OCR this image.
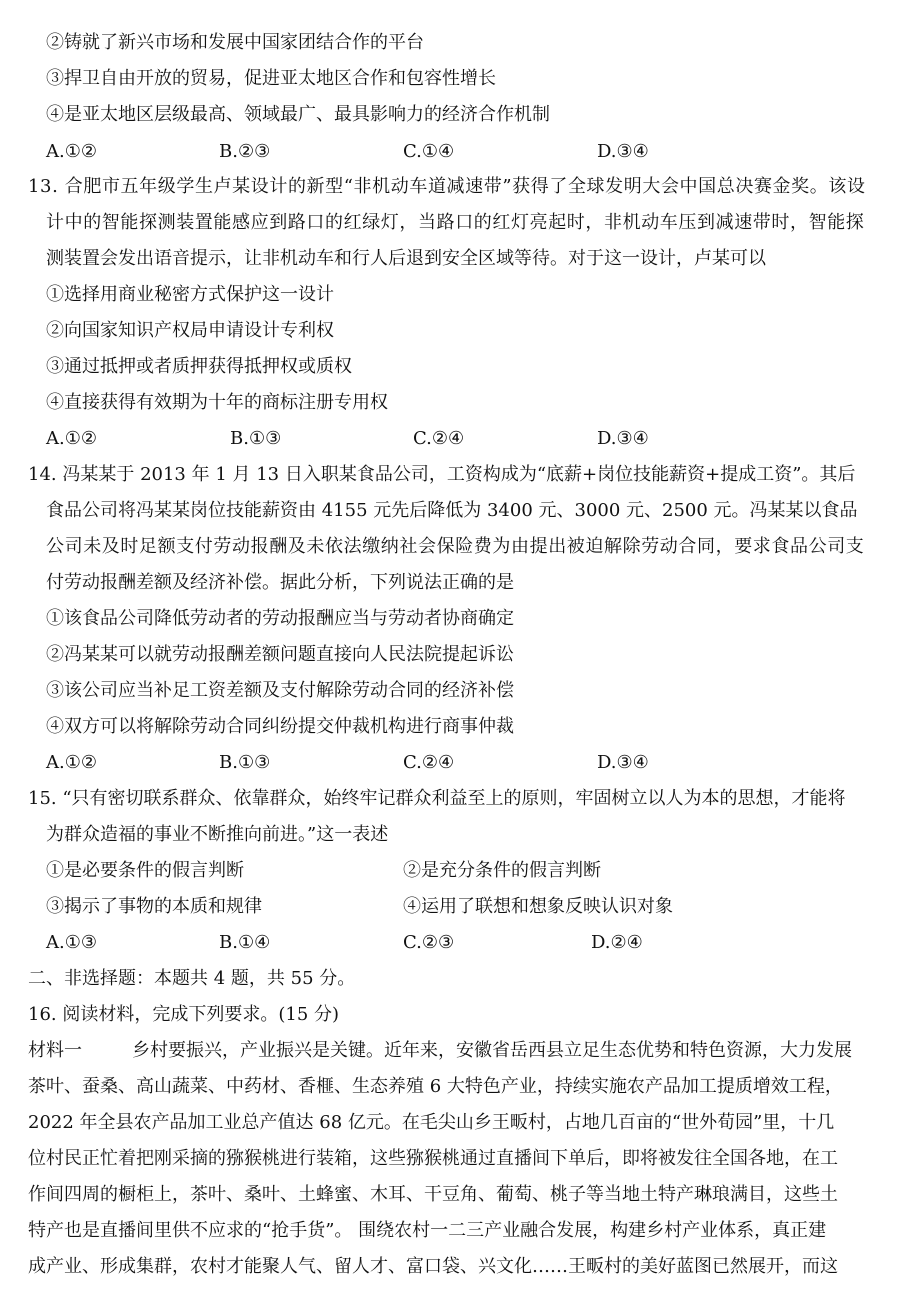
②铸就了新兴市场和发展中国家团结合作的平台
③捍卫自由开放的贸易，促进亚太地区合作和包容性增长
④是亚太地区层级最高、领域最广、最具影响力的经济合作机制
A.①②	B.②③	C.①④	D.③④
13. 合肥市五年级学生卢某设计的新型“非机动车道减速带”获得了全球发明大会中国总决赛金奖。该设
计中的智能探测装置能感应到路口的红绿灯，当路口的红灯亮起时，非机动车压到减速带时，智能探
测装置会发出语音提示，让非机动车和行人后退到安全区域等待。对于这一设计，卢某可以
①选择用商业秘密方式保护这一设计
②向国家知识产权局申请设计专利权
③通过抵押或者质押获得抵押权或质权
④直接获得有效期为十年的商标注册专用权
A.①②	B.①③	C.②④	D.③④
14. 冯某某于 2013 年 1 月 13 日入职某食品公司，工资构成为“底薪+岗位技能薪资+提成工资”。其后
食品公司将冯某某岗位技能薪资由 4155 元先后降低为 3400 元、3000 元、2500 元。冯某某以食品
公司未及时足额支付劳动报酬及未依法缴纳社会保险费为由提出被迫解除劳动合同，要求食品公司支
付劳动报酬差额及经济补偿。据此分析，下列说法正确的是
①该食品公司降低劳动者的劳动报酬应当与劳动者协商确定
②冯某某可以就劳动报酬差额问题直接向人民法院提起诉讼
③该公司应当补足工资差额及支付解除劳动合同的经济补偿
④双方可以将解除劳动合同纠纷提交仲裁机构进行商事仲裁
A.①②	B.①③	C.②④	D.③④
15. “只有密切联系群众、依靠群众，始终牢记群众利益至上的原则，牢固树立以人为本的思想，才能将
为群众造福的事业不断推向前进。”这一表述
①是必要条件的假言判断	②是充分条件的假言判断
③揭示了事物的本质和规律	④运用了联想和想象反映认识对象
A.①③	B.①④	C.②③	D.②④
二、非选择题：本题共 4 题，共 55 分。
16. 阅读材料，完成下列要求。(15 分)
材料一	乡村要振兴，产业振兴是关键。近年来，安徽省岳西县立足生态优势和特色资源，大力发展
茶叶、蚕桑、高山蔬菜、中药材、香榧、生态养殖 6 大特色产业，持续实施农产品加工提质增效工程，
2022 年全县农产品加工业总产值达 68 亿元。在毛尖山乡王畈村，占地几百亩的“世外荀园”里，十几
位村民正忙着把刚采摘的猕猴桃进行装箱，这些猕猴桃通过直播间下单后，即将被发往全国各地，在工
作间四周的橱柜上，茶叶、桑叶、土蜂蜜、木耳、干豆角、葡萄、桃子等当地土特产琳琅满目，这些土
特产也是直播间里供不应求的“抢手货”。 围绕农村一二三产业融合发展，构建乡村产业体系，真正建
成产业、形成集群，农村才能聚人气、留人才、富口袋、兴文化……王畈村的美好蓝图已然展开，而这
